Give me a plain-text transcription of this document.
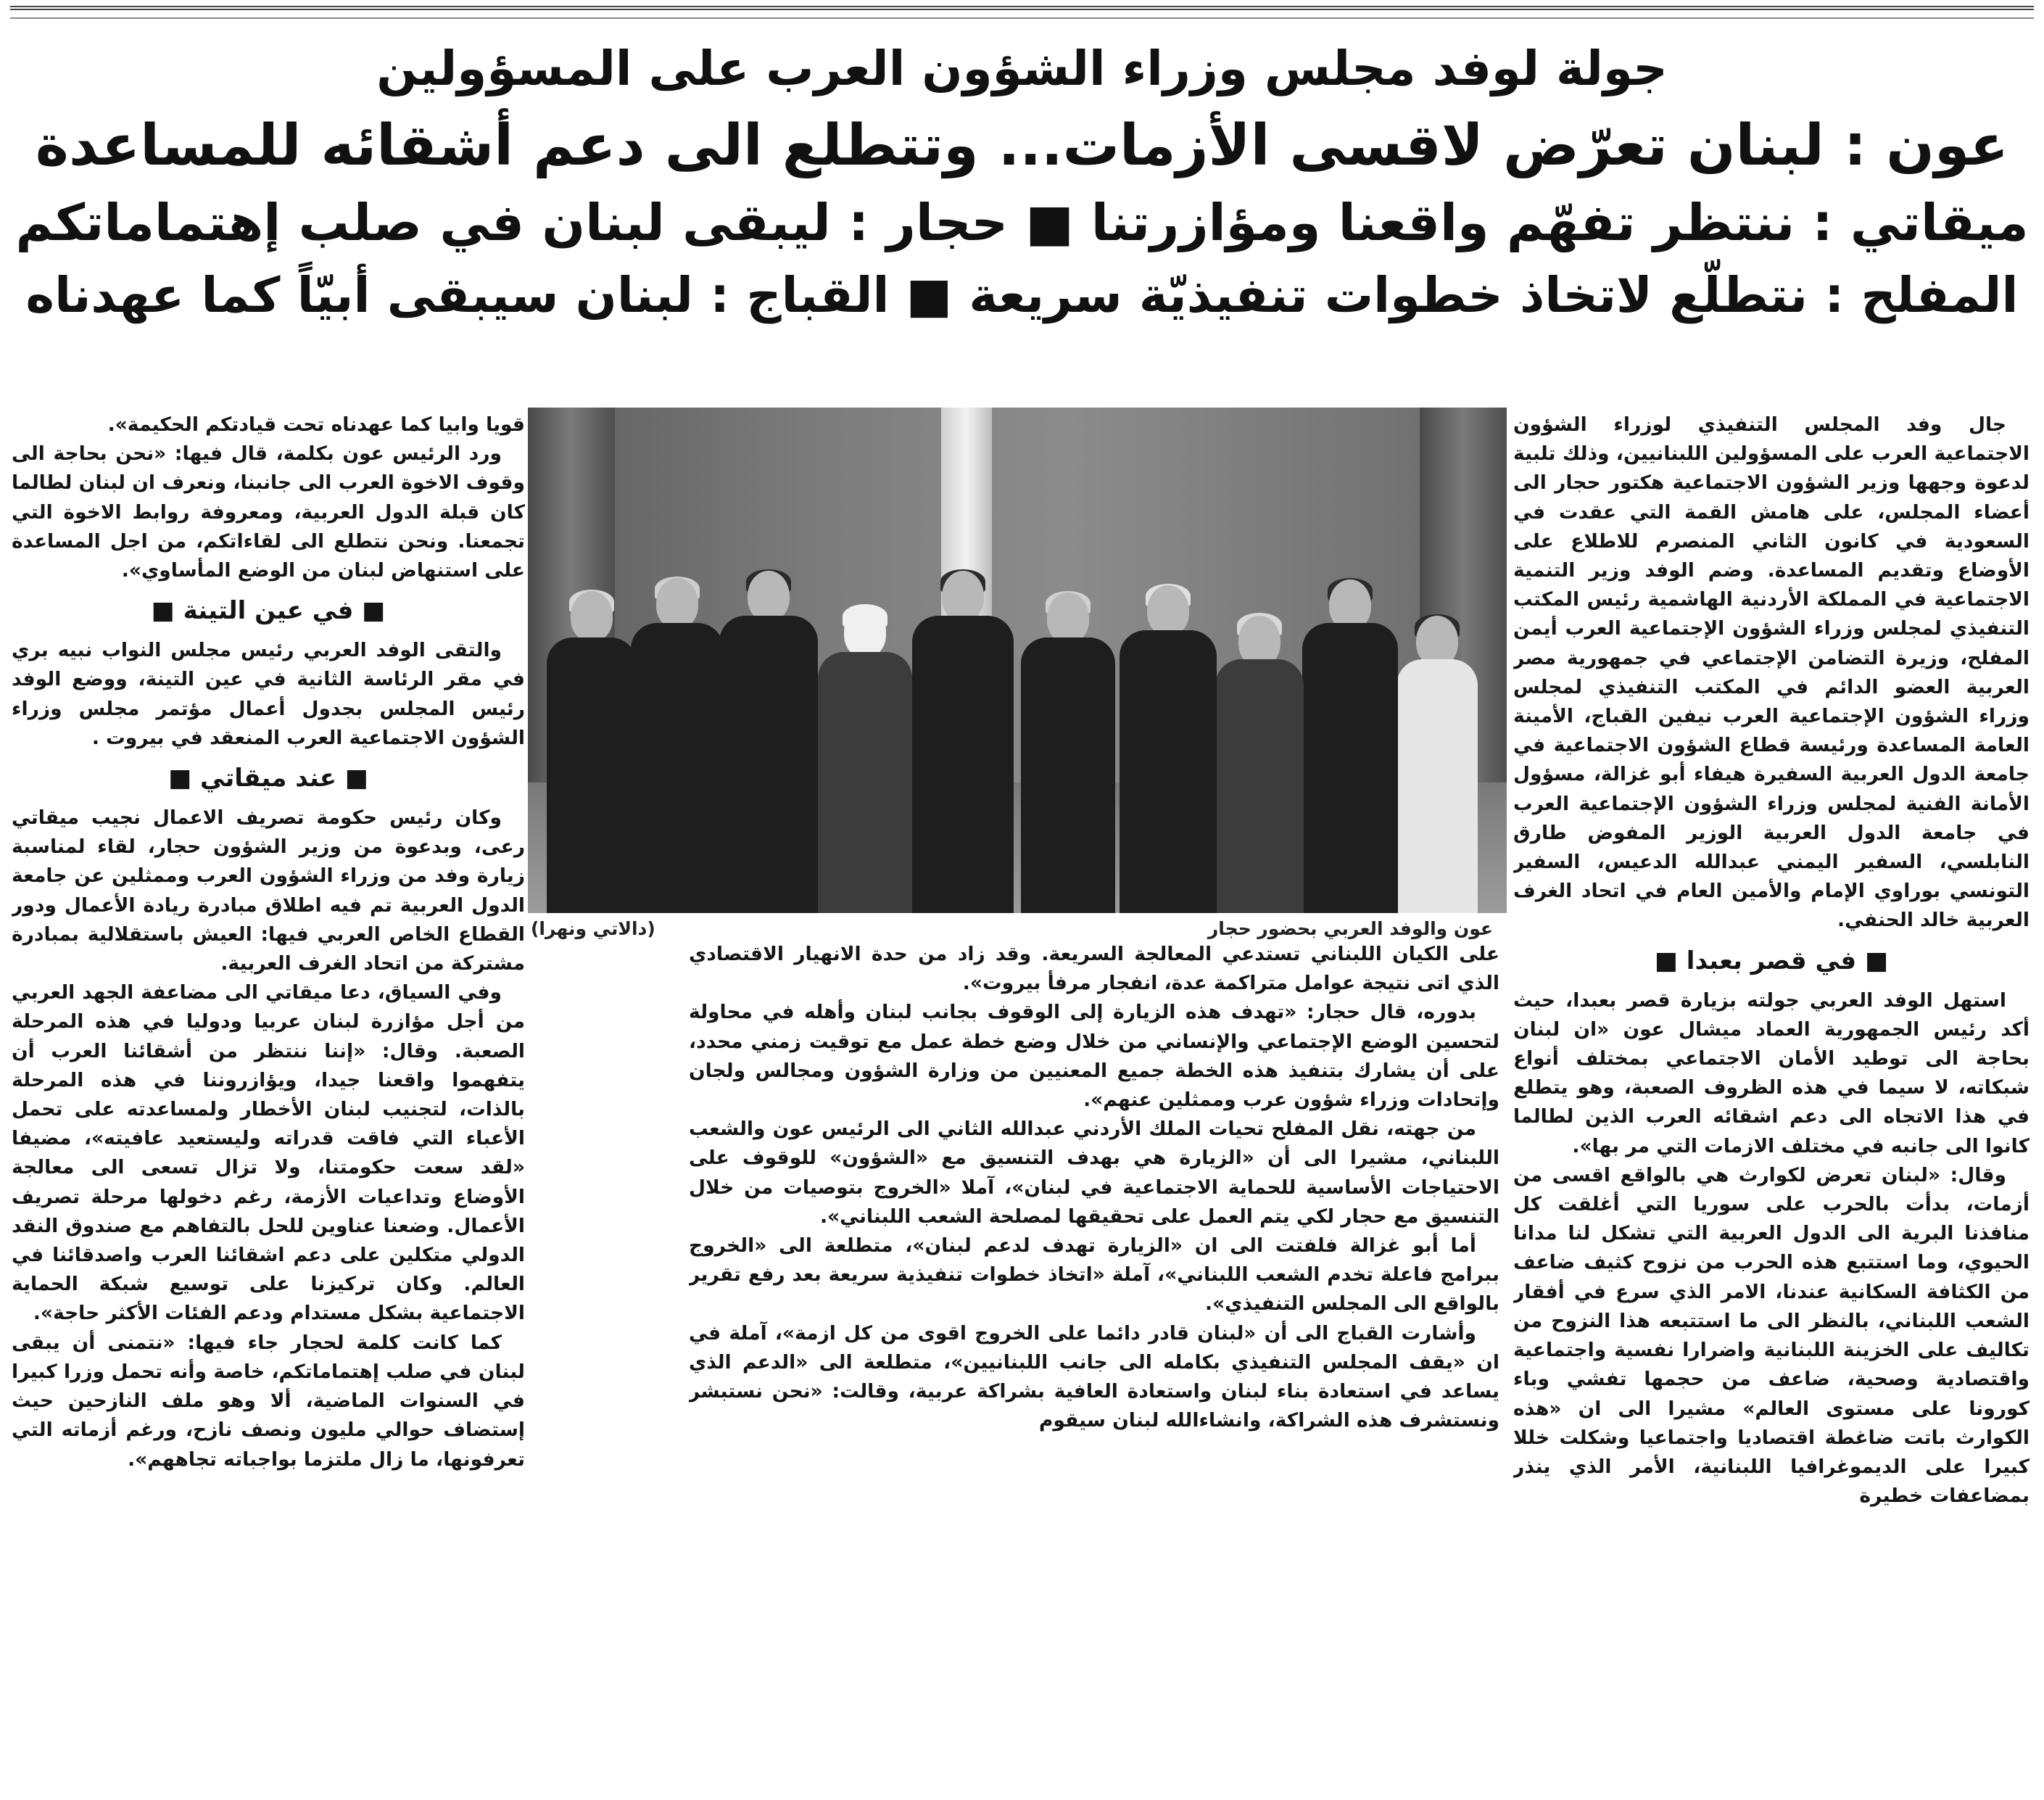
جولة لوفد مجلس وزراء الشؤون العرب على المسؤولين
عون : لبنان تعرّض لاقسى الأزمات... وتتطلع الى دعم أشقائه للمساعدة
ميقاتي : ننتظر تفهّم واقعنا ومؤازرتنا ■ حجار : ليبقى لبنان في صلب إهتماماتكم
المفلح : نتطلّع لاتخاذ خطوات تنفيذيّة سريعة ■ القباج : لبنان سيبقى أبيّاً كما عهدناه

جال وفد المجلس التنفيذي لوزراء الشؤون الاجتماعية العرب على المسؤولين اللبنانيين، وذلك تلبية لدعوة وجهها وزير الشؤون الاجتماعية هكتور حجار الى أعضاء المجلس، على هامش القمة التي عقدت في السعودية في كانون الثاني المنصرم للاطلاع على الأوضاع وتقديم المساعدة. وضم الوفد وزير التنمية الاجتماعية في المملكة الأردنية الهاشمية رئيس المكتب التنفيذي لمجلس وزراء الشؤون الإجتماعية العرب أيمن المفلح، وزيرة التضامن الإجتماعي في جمهورية مصر العربية العضو الدائم في المكتب التنفيذي لمجلس وزراء الشؤون الإجتماعية العرب نيفين القباج، الأمينة العامة المساعدة ورئيسة قطاع الشؤون الاجتماعية في جامعة الدول العربية السفيرة هيفاء أبو غزالة، مسؤول الأمانة الفنية لمجلس وزراء الشؤون الإجتماعية العرب في جامعة الدول العربية الوزير المفوض طارق النابلسي، السفير اليمني عبدالله الدعيس، السفير التونسي بوراوي الإمام والأمين العام في اتحاد الغرف العربية خالد الحنفي.

■ في قصر بعبدا ■

استهل الوفد العربي جولته بزيارة قصر بعبدا، حيث أكد رئيس الجمهورية العماد ميشال عون «ان لبنان بحاجة الى توطيد الأمان الاجتماعي بمختلف أنواع شبكاته، لا سيما في هذه الظروف الصعبة، وهو يتطلع في هذا الاتجاه الى دعم اشقائه العرب الذين لطالما كانوا الى جانبه في مختلف الازمات التي مر بها».

وقال: «لبنان تعرض لكوارث هي بالواقع اقسى من أزمات، بدأت بالحرب على سوريا التي أغلقت كل منافذنا البرية الى الدول العربية التي تشكل لنا مدانا الحيوي، وما استتبع هذه الحرب من نزوح كثيف ضاعف من الكثافة السكانية عندنا، الامر الذي سرع في أفقار الشعب اللبناني، بالنظر الى ما استتبعه هذا النزوح من تكاليف على الخزينة اللبنانية واضرارا نفسية واجتماعية واقتصادية وصحية، ضاعف من حجمها تفشي وباء كورونا على مستوى العالم» مشيرا الى ان «هذه الكوارث باتت ضاغطة اقتصاديا واجتماعيا وشكلت خللا كبيرا على الديموغرافيا اللبنانية، الأمر الذي ينذر بمضاعفات خطيرة

عون والوفد العربي بحضور حجار
(دالاتي ونهرا)

على الكيان اللبناني تستدعي المعالجة السريعة. وقد زاد من حدة الانهيار الاقتصادي الذي اتى نتيجة عوامل متراكمة عدة، انفجار مرفأ بيروت».

بدوره، قال حجار: «تهدف هذه الزيارة إلى الوقوف بجانب لبنان وأهله في محاولة لتحسين الوضع الإجتماعي والإنساني من خلال وضع خطة عمل مع توقيت زمني محدد، على أن يشارك بتنفيذ هذه الخطة جميع المعنيين من وزارة الشؤون ومجالس ولجان وإتحادات وزراء شؤون عرب وممثلين عنهم».

من جهته، نقل المفلح تحيات الملك الأردني عبدالله الثاني الى الرئيس عون والشعب اللبناني، مشيرا الى أن «الزيارة هي بهدف التنسيق مع «الشؤون» للوقوف على الاحتياجات الأساسية للحماية الاجتماعية في لبنان»، آملا «الخروج بتوصيات من خلال التنسيق مع حجار لكي يتم العمل على تحقيقها لمصلحة الشعب اللبناني».

أما أبو غزالة فلفتت الى ان «الزيارة تهدف لدعم لبنان»، متطلعة الى «الخروج ببرامج فاعلة تخدم الشعب اللبناني»، آملة «اتخاذ خطوات تنفيذية سريعة بعد رفع تقرير بالواقع الى المجلس التنفيذي».

وأشارت القباج الى أن «لبنان قادر دائما على الخروج اقوى من كل ازمة»، آملة في ان «يقف المجلس التنفيذي بكامله الى جانب اللبنانيين»، متطلعة الى «الدعم الذي يساعد في استعادة بناء لبنان واستعادة العافية بشراكة عربية، وقالت: «نحن نستبشر ونستشرف هذه الشراكة، وانشاءالله لبنان سيقوم

قويا وابيا كما عهدناه تحت قيادتكم الحكيمة».

ورد الرئيس عون بكلمة، قال فيها: «نحن بحاجة الى وقوف الاخوة العرب الى جانبنا، ونعرف ان لبنان لطالما كان قبلة الدول العربية، ومعروفة روابط الاخوة التي تجمعنا. ونحن نتطلع الى لقاءاتكم، من اجل المساعدة على استنهاض لبنان من الوضع المأساوي».

■ في عين التينة ■

والتقى الوفد العربي رئيس مجلس النواب نبيه بري في مقر الرئاسة الثانية في عين التينة، ووضع الوفد رئيس المجلس بجدول أعمال مؤتمر مجلس وزراء الشؤون الاجتماعية العرب المنعقد في بيروت .

■ عند ميقاتي ■

وكان رئيس حكومة تصريف الاعمال نجيب ميقاتي رعى، وبدعوة من وزير الشؤون حجار، لقاء لمناسبة زيارة وفد من وزراء الشؤون العرب وممثلين عن جامعة الدول العربية تم فيه اطلاق مبادرة ريادة الأعمال ودور القطاع الخاص العربي فيها: العيش باستقلالية بمبادرة مشتركة من اتحاد الغرف العربية.

وفي السياق، دعا ميقاتي الى مضاعفة الجهد العربي من أجل مؤازرة لبنان عربيا ودوليا في هذه المرحلة الصعبة. وقال: «إننا ننتظر من أشقائنا العرب أن يتفهموا واقعنا جيدا، ويؤازروننا في هذه المرحلة بالذات، لتجنيب لبنان الأخطار ولمساعدته على تحمل الأعباء التي فاقت قدراته وليستعيد عافيته»، مضيفا «لقد سعت حكومتنا، ولا تزال تسعى الى معالجة الأوضاع وتداعيات الأزمة، رغم دخولها مرحلة تصريف الأعمال. وضعنا عناوين للحل بالتفاهم مع صندوق النقد الدولي متكلين على دعم اشقائنا العرب واصدقائنا في العالم. وكان تركيزنا على توسيع شبكة الحماية الاجتماعية بشكل مستدام ودعم الفئات الأكثر حاجة».

كما كانت كلمة لحجار جاء فيها: «نتمنى أن يبقى لبنان في صلب إهتماماتكم، خاصة وأنه تحمل وزرا كبيرا في السنوات الماضية، ألا وهو ملف النازحين حيث إستضاف حوالي مليون ونصف نازح، ورغم أزماته التي تعرفونها، ما زال ملتزما بواجباته تجاههم».
